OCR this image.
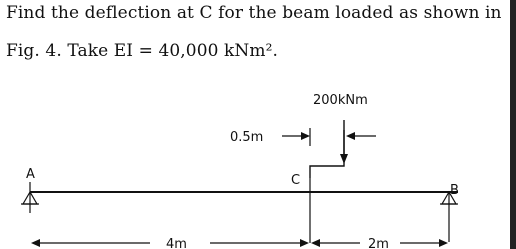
Find the deflection at C for the beam loaded as shown in
Fig. 4. Take EI = 40,000 kNm².
200kNm
0.5m
A
B
C
4m	2m
